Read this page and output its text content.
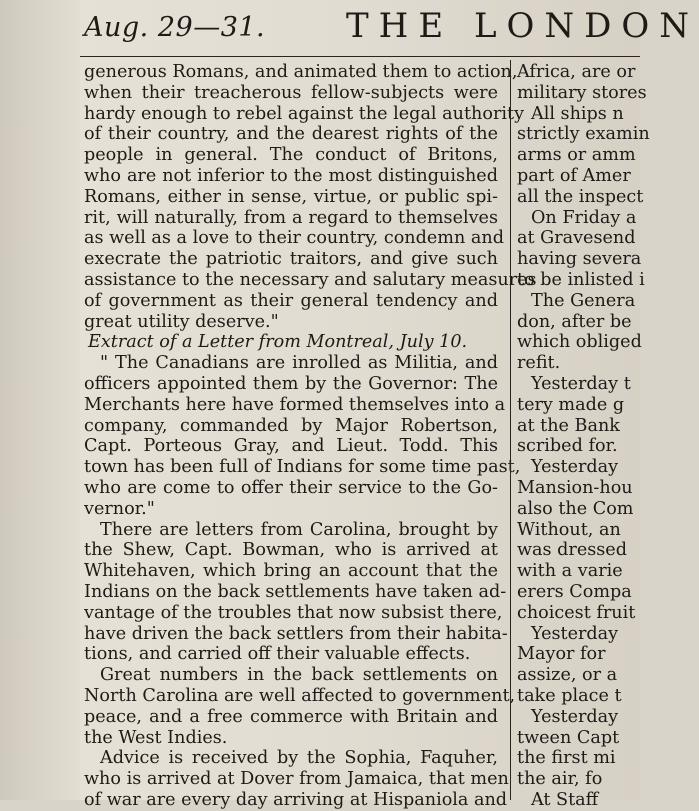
Aug. 29—31. THE LONDON
generous Romans, and animated them to action,
when their treacherous fellow-subjects were
hardy enough to rebel against the legal authority
of their country, and the dearest rights of the
people in general. The conduct of Britons,
who are not inferior to the most distinguished
Romans, either in sense, virtue, or public spi-
rit, will naturally, from a regard to themselves
as well as a love to their country, condemn and
execrate the patriotic traitors, and give such
assistance to the necessary and salutary measures
of government as their general tendency and
great utility deserve."
Extract of a Letter from Montreal, July 10.
" The Canadians are inrolled as Militia, and
officers appointed them by the Governor: The
Merchants here have formed themselves into a
company, commanded by Major Robertson,
Capt. Porteous Gray, and Lieut. Todd. This
town has been full of Indians for some time past,
who are come to offer their service to the Go-
vernor."
There are letters from Carolina, brought by
the Shew, Capt. Bowman, who is arrived at
Whitehaven, which bring an account that the
Indians on the back settlements have taken ad-
vantage of the troubles that now subsist there,
have driven the back settlers from their habita-
tions, and carried off their valuable effects.
Great numbers in the back settlements on
North Carolina are well affected to government,
peace, and a free commerce with Britain and
the West Indies.
Advice is received by the Sophia, Faquher,
who is arrived at Dover from Jamaica, that men
of war are every day arriving at Hispaniola and
Africa, are or
military stores
All ships n
strictly examin
arms or amm
part of Amer
all the inspect
On Friday a
at Gravesend
having severa
to be inlisted i
The Genera
don, after be
which obliged
refit.
Yesterday t
tery made g
at the Bank
scribed for.
Yesterday
Mansion-hou
also the Com
Without, an
was dressed
with a varie
erers Compa
choicest fruit
Yesterday
Mayor for
assize, or a
take place t
Yesterday
tween Capt
the first mi
the air, fo
At Staff
